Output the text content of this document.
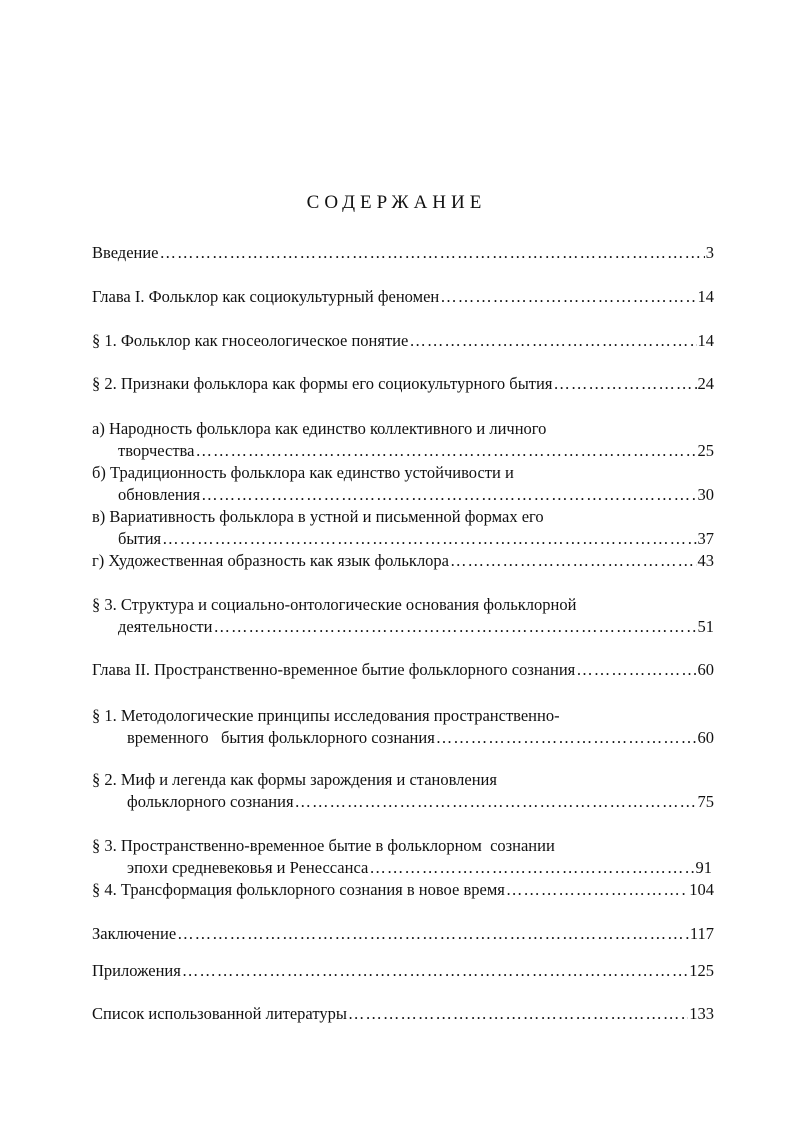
СОДЕРЖАНИЕ
Введение …………………………………………………………………………………………………………………………………………………………………	3
Глава I. Фольклор как социокультурный феномен …………………………………………………………………………………………………………………………………………………………………	14
§ 1. Фольклор как гносеологическое понятие …………………………………………………………………………………………………………………………………………………………………	14
§ 2. Признаки фольклора как формы его социокультурного бытия …………………………………………………………………………………………………………………………………………………………………	24
а) Народность фольклора как единство коллективного и личного
творчества …………………………………………………………………………………………………………………………………………………………………	25
б) Традиционность фольклора как единство устойчивости и
обновления …………………………………………………………………………………………………………………………………………………………………	30
в) Вариативность фольклора в устной и письменной формах его
бытия …………………………………………………………………………………………………………………………………………………………………	37
г) Художественная образность как язык фольклора …………………………………………………………………………………………………………………………………………………………………	43
§ 3. Структура и социально-онтологические основания фольклорной
деятельности …………………………………………………………………………………………………………………………………………………………………	51
Глава II. Пространственно-временное бытие фольклорного сознания …………………………………………………………………………………………………………………………………………………………………	60
§ 1. Методологические принципы исследования пространственно-
временного   бытия фольклорного сознания …………………………………………………………………………………………………………………………………………………………………	60
§ 2. Миф и легенда как формы зарождения и становления
фольклорного сознания …………………………………………………………………………………………………………………………………………………………………	75
§ 3. Пространственно-временное бытие в фольклорном  сознании
эпохи средневековья и Ренессанса …………………………………………………………………………………………………………………………………………………………………	91
§ 4. Трансформация фольклорного сознания в новое время …………………………………………………………………………………………………………………………………………………………………	104
Заключение …………………………………………………………………………………………………………………………………………………………………	117
Приложения …………………………………………………………………………………………………………………………………………………………………	125
Список использованной литературы …………………………………………………………………………………………………………………………………………………………………	133
